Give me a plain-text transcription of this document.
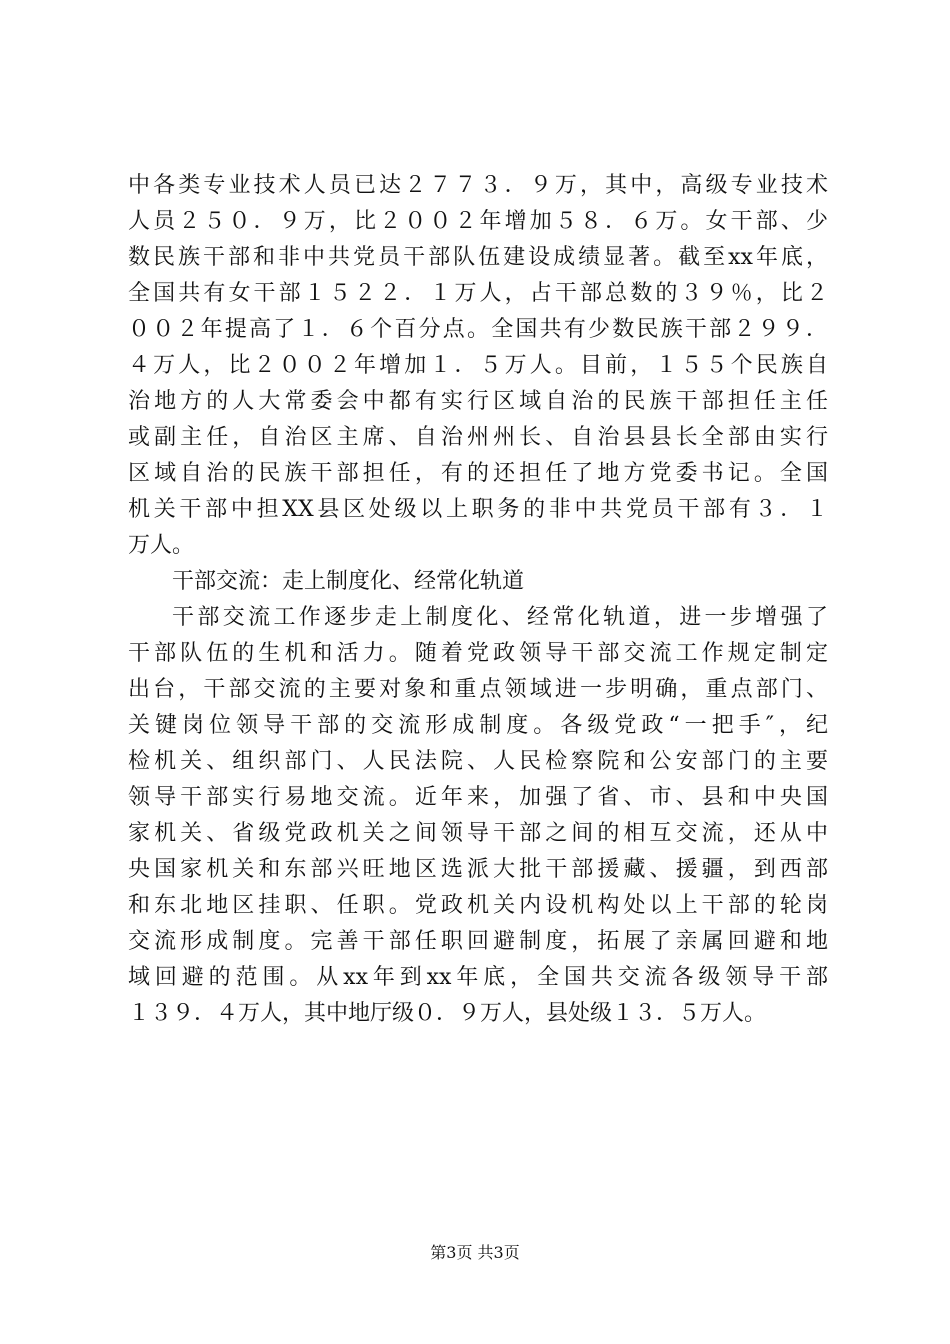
中各类专业技术人员已达２７７３．９万，其中，高级专业技术
人员２５０．９万，比２００２年增加５８．６万。女干部、少
数民族干部和非中共党员干部队伍建设成绩显著。截至xx年底，
全国共有女干部１５２２．１万人，占干部总数的３９％，比２
００２年提高了１．６个百分点。全国共有少数民族干部２９９．
４万人，比２００２年增加１．５万人。目前，１５５个民族自
治地方的人大常委会中都有实行区域自治的民族干部担任主任
或副主任，自治区主席、自治州州长、自治县县长全部由实行
区域自治的民族干部担任，有的还担任了地方党委书记。全国
机关干部中担XX县区处级以上职务的非中共党员干部有３．１
万人。
干部交流：走上制度化、经常化轨道
干部交流工作逐步走上制度化、经常化轨道，进一步增强了
干部队伍的生机和活力。随着党政领导干部交流工作规定制定
出台，干部交流的主要对象和重点领域进一步明确，重点部门、
关键岗位领导干部的交流形成制度。各级党政“一把手″，纪
检机关、组织部门、人民法院、人民检察院和公安部门的主要
领导干部实行易地交流。近年来，加强了省、市、县和中央国
家机关、省级党政机关之间领导干部之间的相互交流，还从中
央国家机关和东部兴旺地区选派大批干部援藏、援疆，到西部
和东北地区挂职、任职。党政机关内设机构处以上干部的轮岗
交流形成制度。完善干部任职回避制度，拓展了亲属回避和地
域回避的范围。从xx年到xx年底，全国共交流各级领导干部
１３９．４万人，其中地厅级０．９万人，县处级１３．５万人。
第3页 共3页
